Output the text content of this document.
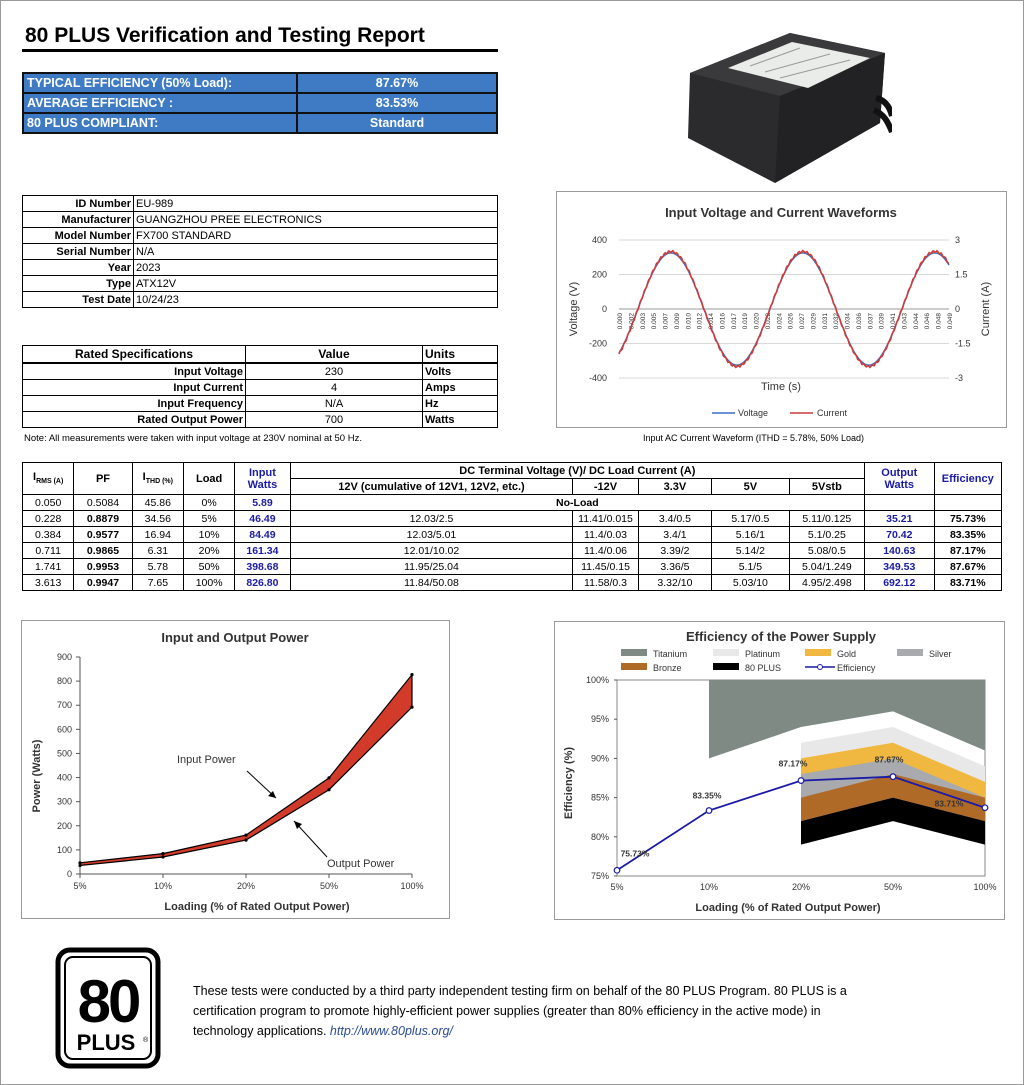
80 PLUS Verification and Testing Report
TYPICAL EFFICIENCY (50% Load):	87.67%
AVERAGE EFFICIENCY :	83.53%
80 PLUS COMPLIANT:	Standard
ID Number	EU-989
Manufacturer	GUANGZHOU PREE ELECTRONICS
Model Number	FX700 STANDARD
Serial Number	N/A
Year	2023
Type	ATX12V
Test Date	10/24/23
Rated Specifications	Value	Units
Input Voltage	230	Volts
Input Current	4	Amps
Input Frequency	N/A	Hz
Rated Output Power	700	Watts
Note: All measurements were taken with input voltage at 230V nominal at 50 Hz.
Input Voltage and Current Waveforms
400
200
0
-200
-400
3
1.5
0
-1.5
-3
0.000 0.002 0.003 0.005 0.007 0.009 0.010 0.012 0.014 0.016 0.017 0.019 0.020 0.022 0.024 0.026 0.027 0.029 0.031 0.032 0.034 0.036 0.037 0.039 0.041 0.043 0.044 0.046 0.048 0.049
Time (s)
Voltage (V)	Current (A)
Voltage	Current
Input AC Current Waveform (ITHD = 5.78%, 50% Load)
$I_{RMS (A)}$	PF	$I_{THD (\%)}$	Load	Input Watts	DC Terminal Voltage (V)/ DC Load Current (A)					Output Watts	Efficiency
					12V (cumulative of 12V1, 12V2, etc.)	-12V	3.3V	5V	5Vstb		
0.050	0.5084	45.86	0%	5.89	No-Load						
0.228	0.8879	34.56	5%	46.49	12.03/2.5	11.41/0.015	3.4/0.5	5.17/0.5	5.11/0.125	35.21	75.73%
0.384	0.9577	16.94	10%	84.49	12.03/5.01	11.4/0.03	3.4/1	5.16/1	5.1/0.25	70.42	83.35%
0.711	0.9865	6.31	20%	161.34	12.01/10.02	11.4/0.06	3.39/2	5.14/2	5.08/0.5	140.63	87.17%
1.741	0.9953	5.78	50%	398.68	11.95/25.04	11.45/0.15	3.36/5	5.1/5	5.04/1.249	349.53	87.67%
3.613	0.9947	7.65	100%	826.80	11.84/50.08	11.58/0.3	3.32/10	5.03/10	4.95/2.498	692.12	83.71%
Input and Output Power
900
800
700
600
500
400
300
200
100
0
5%	10%	20%	50%	100%
Power (Watts)
Loading (% of Rated Output Power)
Input Power
Output Power
Efficiency of the Power Supply
Titanium	Platinum	Gold	Silver
Bronze	80 PLUS	Efficiency
100%
95%
90%
85%
80%
75%
5%	10%	20%	50%	100%
75.73%
83.35%
87.17%	87.67%
83.71%
Efficiency (%)
Loading (% of Rated Output Power)
80
PLUS ®
These tests were conducted by a third party independent testing firm on behalf of the 80 PLUS Program. 80 PLUS is a certification program to promote highly-efficient power supplies (greater than 80% efficiency in the active mode) in technology applications. http://www.80plus.org/
